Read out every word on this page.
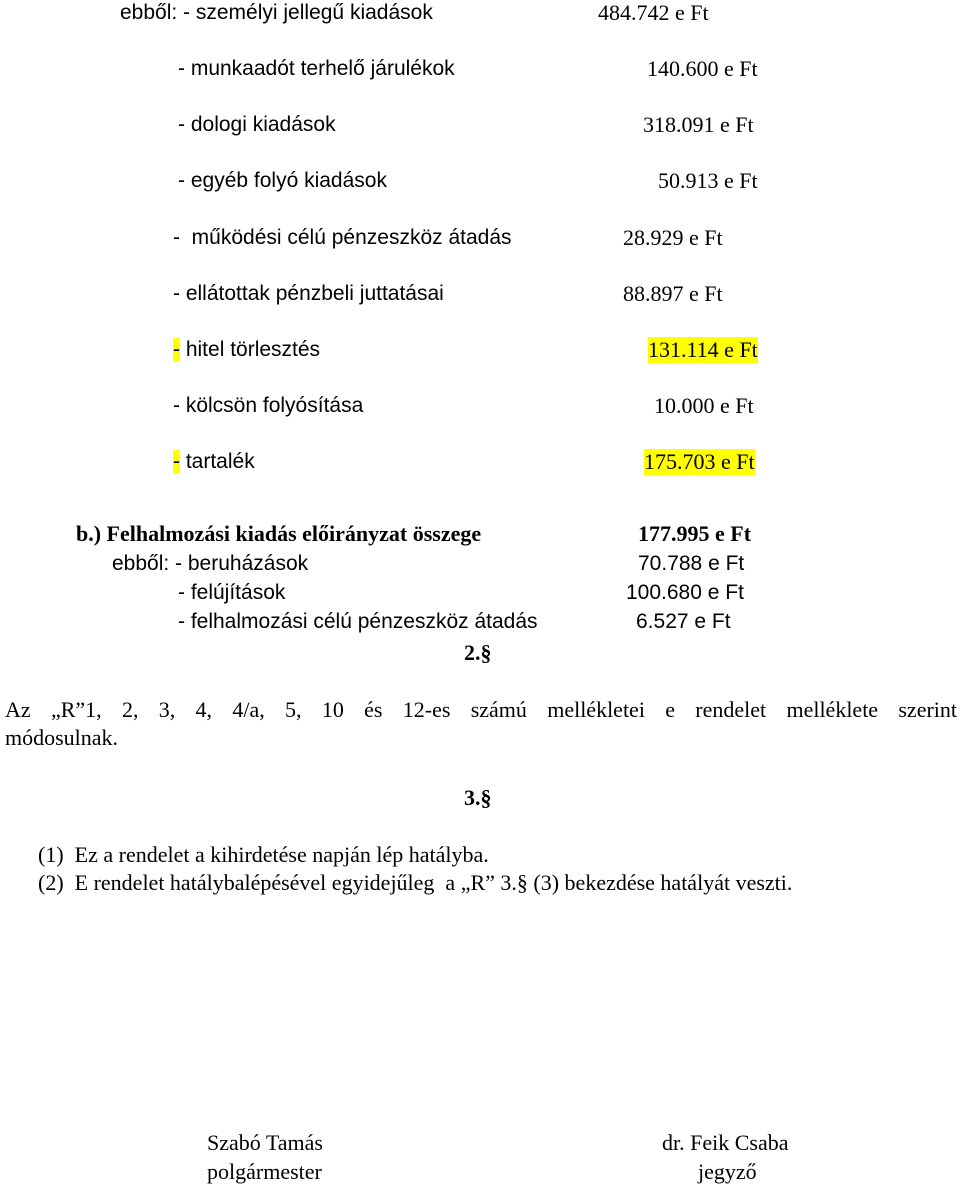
ebből: - személyi jellegű kiadások	484.742 e Ft
- munkaadót terhelő járulékok	140.600 e Ft
- dologi kiadások	318.091 e Ft
- egyéb folyó kiadások	50.913 e Ft
-  működési célú pénzeszköz átadás	28.929 e Ft
- ellátottak pénzbeli juttatásai	88.897 e Ft
- hitel törlesztés	131.114 e Ft
- kölcsön folyósítása	10.000 e Ft
- tartalék	175.703 e Ft
b.) Felhalmozási kiadás előirányzat összege	177.995 e Ft
ebből: - beruházások	70.788 e Ft
- felújítások	100.680 e Ft
- felhalmozási célú pénzeszköz átadás	6.527 e Ft
2.§
Az „R”1, 2, 3, 4, 4/a, 5, 10 és 12-es számú mellékletei e rendelet melléklete szerint
módosulnak.
3.§
(1)  Ez a rendelet a kihirdetése napján lép hatályba.
(2)  E rendelet hatálybalépésével egyidejűleg  a „R” 3.§ (3) bekezdése hatályát veszti.
Szabó Tamás
polgármester
dr. Feik Csaba
jegyző
